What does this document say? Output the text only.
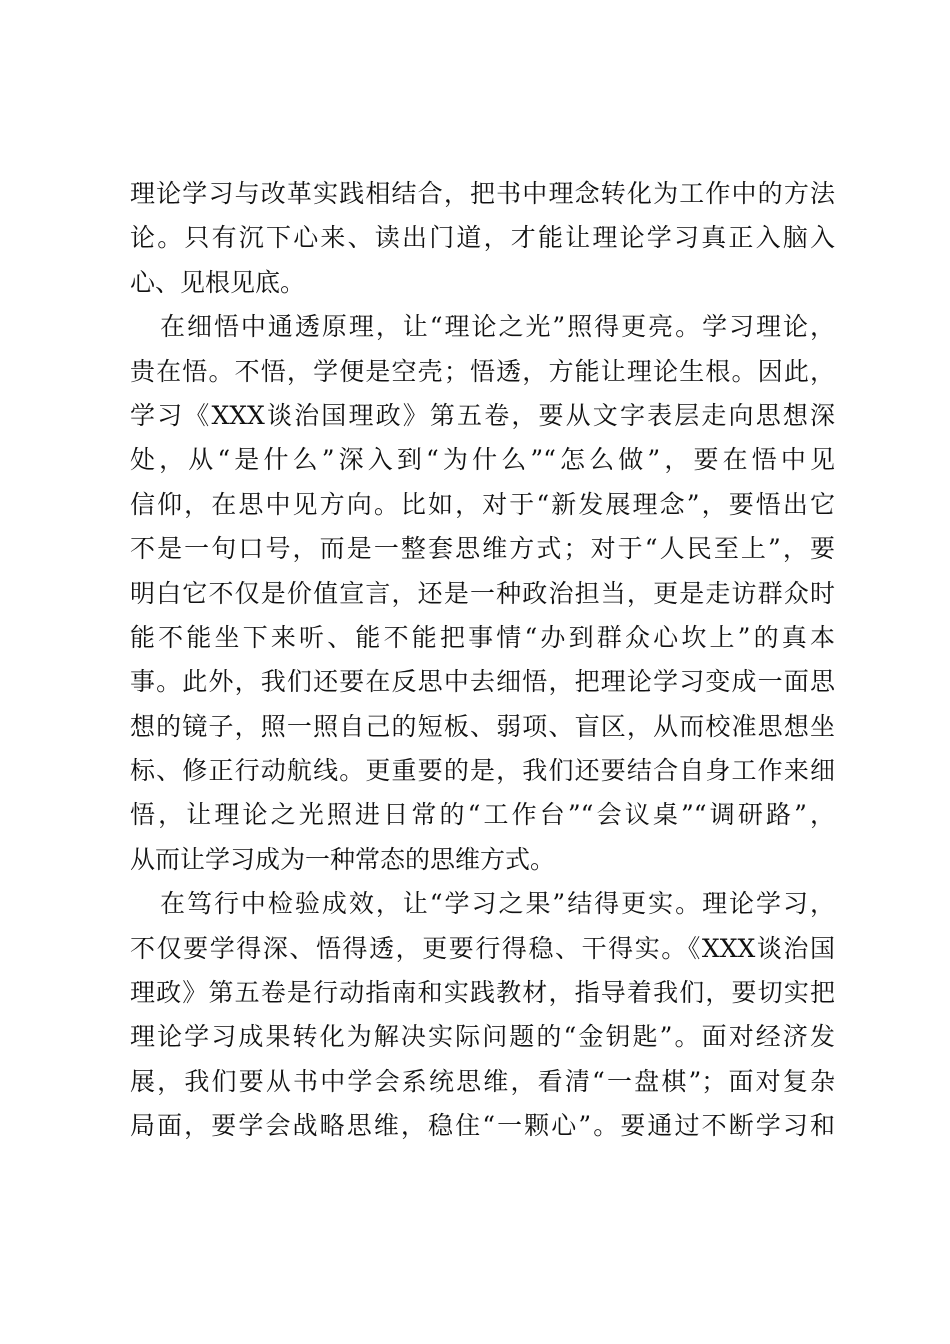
理论学习与改革实践相结合，把书中理念转化为工作中的方法
论。只有沉下心来、读出门道，才能让理论学习真正入脑入
心、见根见底。
在细悟中通透原理，让“理论之光”照得更亮。学习理论，
贵在悟。不悟，学便是空壳；悟透，方能让理论生根。因此，
学习《XXX谈治国理政》第五卷，要从文字表层走向思想深
处，从“是什么”深入到“为什么”“怎么做”，要在悟中见
信仰，在思中见方向。比如，对于“新发展理念”，要悟出它
不是一句口号，而是一整套思维方式；对于“人民至上”，要
明白它不仅是价值宣言，还是一种政治担当，更是走访群众时
能不能坐下来听、能不能把事情“办到群众心坎上”的真本
事。此外，我们还要在反思中去细悟，把理论学习变成一面思
想的镜子，照一照自己的短板、弱项、盲区，从而校准思想坐
标、修正行动航线。更重要的是，我们还要结合自身工作来细
悟，让理论之光照进日常的“工作台”“会议桌”“调研路”，
从而让学习成为一种常态的思维方式。
在笃行中检验成效，让“学习之果”结得更实。理论学习，
不仅要学得深、悟得透，更要行得稳、干得实。《XXX谈治国
理政》第五卷是行动指南和实践教材，指导着我们，要切实把
理论学习成果转化为解决实际问题的“金钥匙”。面对经济发
展，我们要从书中学会系统思维，看清“一盘棋”；面对复杂
局面，要学会战略思维，稳住“一颗心”。要通过不断学习和
